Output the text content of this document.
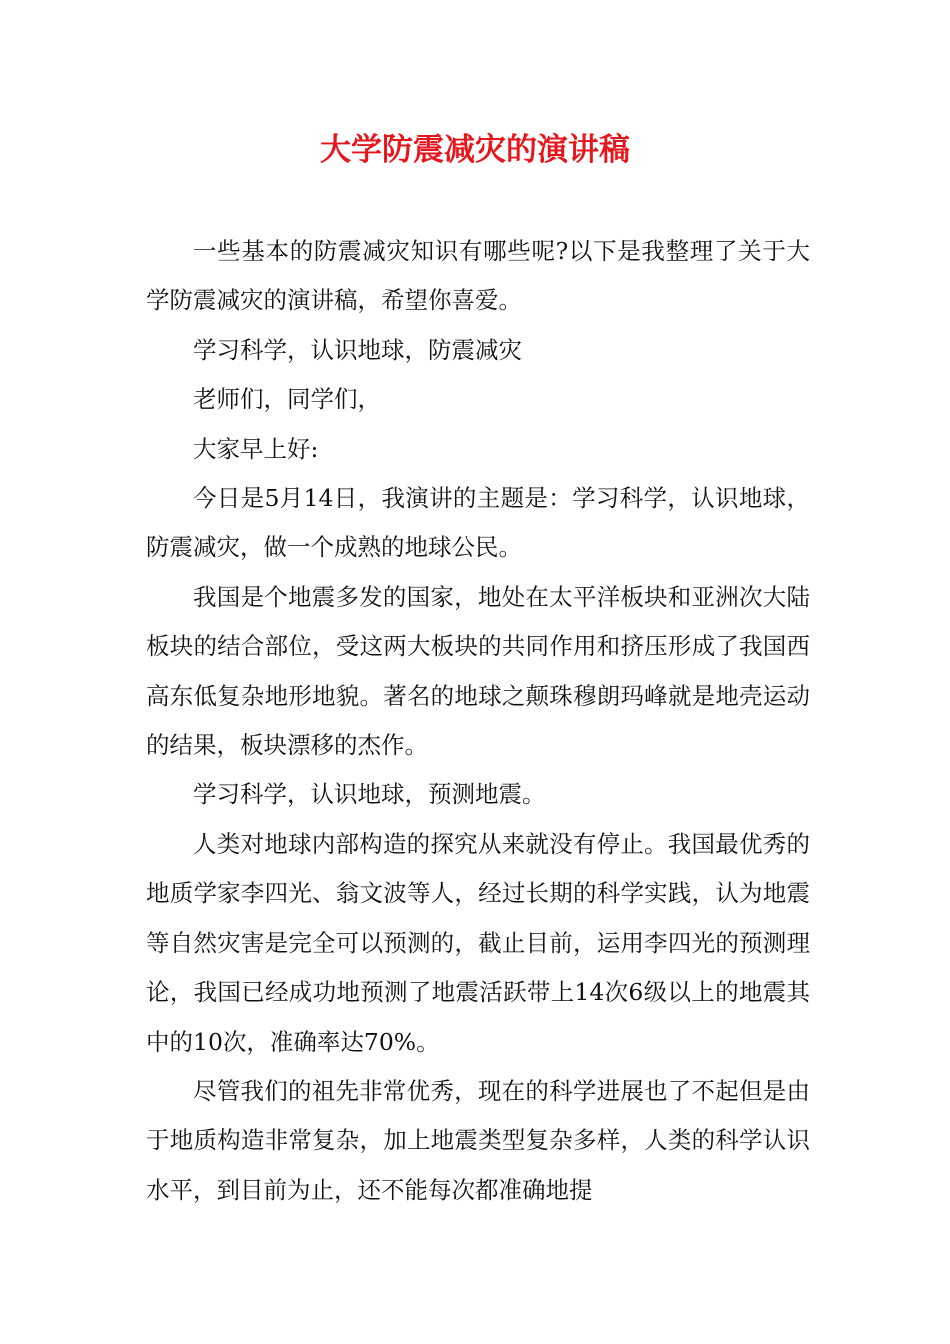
大学防震减灾的演讲稿

一些基本的防震减灾知识有哪些呢?以下是我整理了关于大学防震减灾的演讲稿，希望你喜爱。

学习科学，认识地球，防震减灾

老师们，同学们，

大家早上好:

今日是5月14日，我演讲的主题是：学习科学，认识地球，防震减灾，做一个成熟的地球公民。

我国是个地震多发的国家，地处在太平洋板块和亚洲次大陆板块的结合部位，受这两大板块的共同作用和挤压形成了我国西高东低复杂地形地貌。著名的地球之颠珠穆朗玛峰就是地壳运动的结果，板块漂移的杰作。

学习科学，认识地球，预测地震。

人类对地球内部构造的探究从来就没有停止。我国最优秀的地质学家李四光、翁文波等人，经过长期的科学实践，认为地震等自然灾害是完全可以预测的，截止目前，运用李四光的预测理论，我国已经成功地预测了地震活跃带上14次6级以上的地震其中的10次，准确率达70%。

尽管我们的祖先非常优秀，现在的科学进展也了不起但是由于地质构造非常复杂，加上地震类型复杂多样，人类的科学认识水平，到目前为止，还不能每次都准确地提
